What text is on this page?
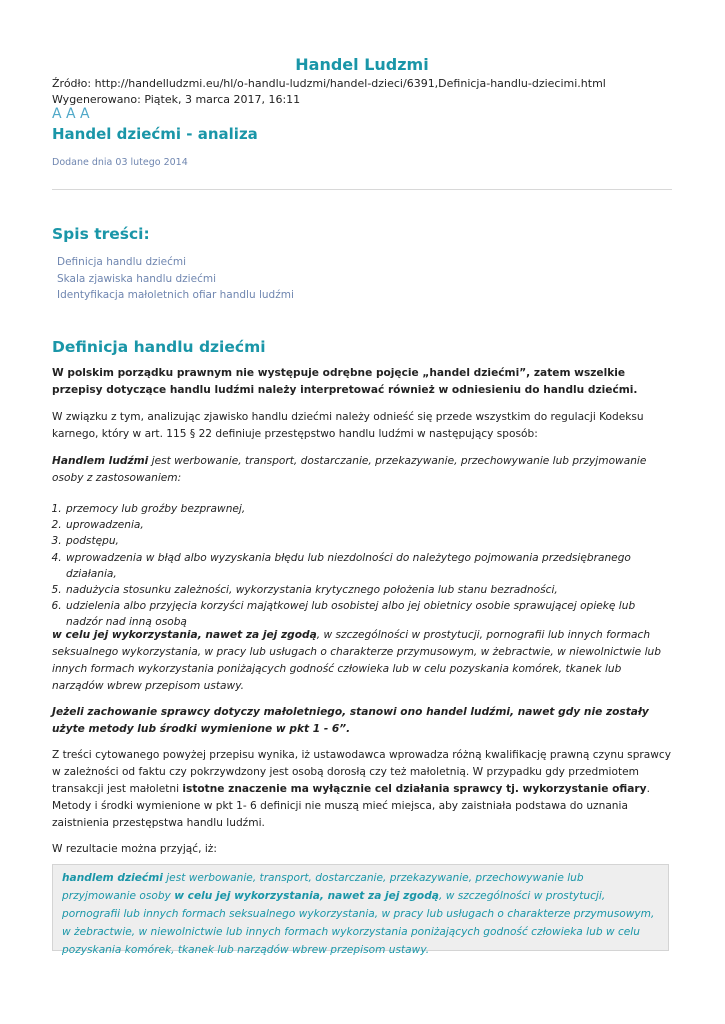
Handel Ludzmi
Źródło: http://handelludzmi.eu/hl/o-handlu-ludzmi/handel-dzieci/6391,Definicja-handlu-dziecimi.html
Wygenerowano: Piątek, 3 marca 2017, 16:11
AAA
Handel dziećmi - analiza
Dodane dnia 03 lutego 2014
Spis treści:
Definicja handlu dziećmi
Skala zjawiska handlu dziećmi
Identyfikacja małoletnich ofiar handlu ludźmi
Definicja handlu dziećmi
W polskim porządku prawnym nie występuje odrębne pojęcie „handel dziećmi”, zatem wszelkie przepisy dotyczące handlu ludźmi należy interpretować również w odniesieniu do handlu dziećmi.
W związku z tym, analizując zjawisko handlu dziećmi należy odnieść się przede wszystkim do regulacji Kodeksu karnego, który w art. 115 § 22 definiuje przestępstwo handlu ludźmi w następujący sposób:
Handlem ludźmi jest werbowanie, transport, dostarczanie, przekazywanie, przechowywanie lub przyjmowanie osoby z zastosowaniem:
1. przemocy lub groźby bezprawnej,
2. uprowadzenia,
3. podstępu,
4. wprowadzenia w błąd albo wyzyskania błędu lub niezdolności do należytego pojmowania przedsiębranego działania,
5. nadużycia stosunku zależności, wykorzystania krytycznego położenia lub stanu bezradności,
6. udzielenia albo przyjęcia korzyści majątkowej lub osobistej albo jej obietnicy osobie sprawującej opiekę lub nadzór nad inną osobą
w celu jej wykorzystania, nawet za jej zgodą, w szczególności w prostytucji, pornografii lub innych formach seksualnego wykorzystania, w pracy lub usługach o charakterze przymusowym, w żebractwie, w niewolnictwie lub innych formach wykorzystania poniżających godność człowieka lub w celu pozyskania komórek, tkanek lub narządów wbrew przepisom ustawy.
Jeżeli zachowanie sprawcy dotyczy małoletniego, stanowi ono handel ludźmi, nawet gdy nie zostały użyte metody lub środki wymienione w pkt 1 - 6”.
Z treści cytowanego powyżej przepisu wynika, iż ustawodawca wprowadza różną kwalifikację prawną czynu sprawcy w zależności od faktu czy pokrzywdzony jest osobą dorosłą czy też małoletnią. W przypadku gdy przedmiotem transakcji jest małoletni istotne znaczenie ma wyłącznie cel działania sprawcy tj. wykorzystanie ofiary. Metody i środki wymienione w pkt 1- 6 definicji nie muszą mieć miejsca, aby zaistniała podstawa do uznania zaistnienia przestępstwa handlu ludźmi.
W rezultacie można przyjąć, iż:
handlem dziećmi jest werbowanie, transport, dostarczanie, przekazywanie, przechowywanie lub przyjmowanie osoby w celu jej wykorzystania, nawet za jej zgodą, w szczególności w prostytucji, pornografii lub innych formach seksualnego wykorzystania, w pracy lub usługach o charakterze przymusowym, w żebractwie, w niewolnictwie lub innych formach wykorzystania poniżających godność człowieka lub w celu pozyskania komórek, tkanek lub narządów wbrew przepisom ustawy.
